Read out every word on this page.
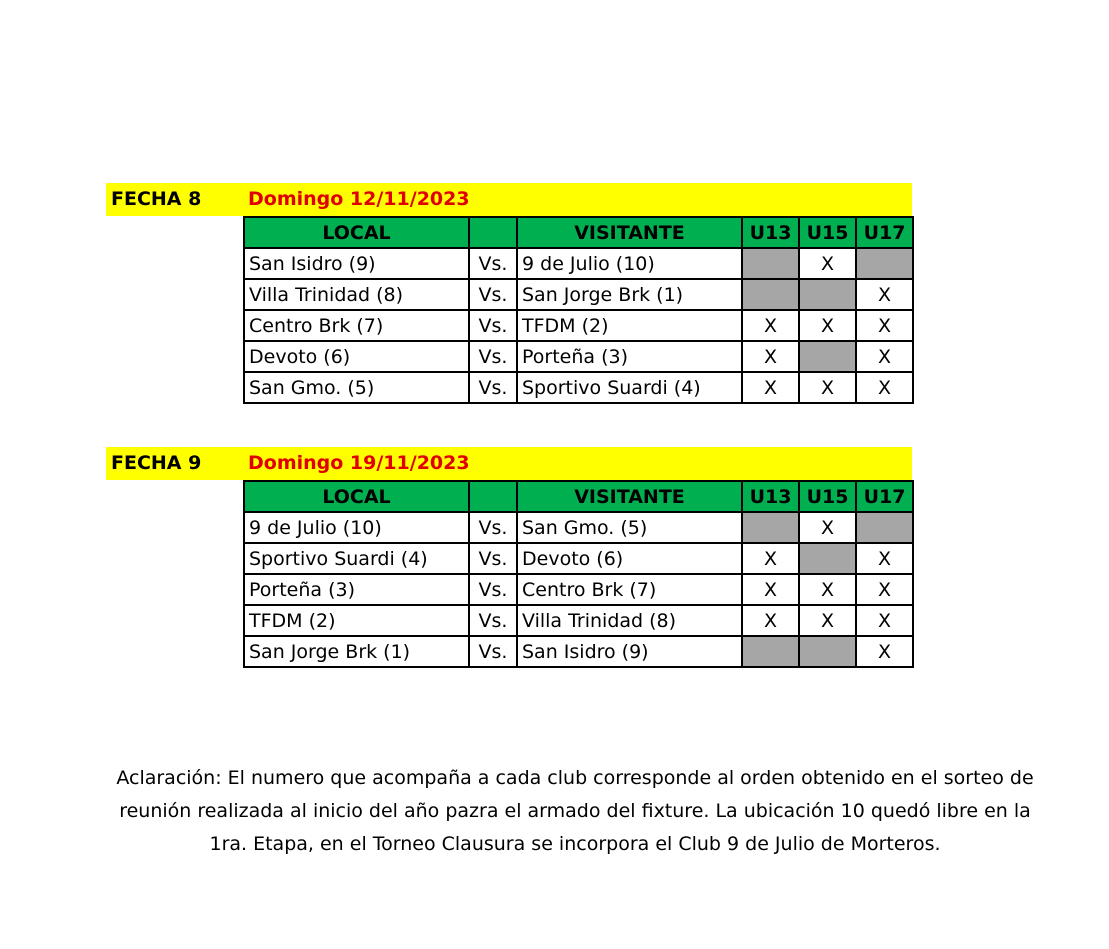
FECHA 8 Domingo 12/11/2023
LOCAL		VISITANTE	U13	U15	U17
San Isidro (9)	Vs.	9 de Julio (10)		X	
Villa Trinidad (8)	Vs.	San Jorge Brk (1)			X
Centro Brk (7)	Vs.	TFDM (2)	X	X	X
Devoto (6)	Vs.	Porteña (3)	X		X
San Gmo. (5)	Vs.	Sportivo Suardi (4)	X	X	X
FECHA 9 Domingo 19/11/2023
LOCAL		VISITANTE	U13	U15	U17
9 de Julio (10)	Vs.	San Gmo. (5)		X	
Sportivo Suardi (4)	Vs.	Devoto (6)	X		X
Porteña (3)	Vs.	Centro Brk (7)	X	X	X
TFDM (2)	Vs.	Villa Trinidad (8)	X	X	X
San Jorge Brk (1)	Vs.	San Isidro (9)			X
Aclaración: El numero que acompaña a cada club corresponde al orden obtenido en el sorteo de reunión realizada al inicio del año pazra el armado del fixture. La ubicación 10 quedó libre en la 1ra. Etapa, en el Torneo Clausura se incorpora el Club 9 de Julio de Morteros.
